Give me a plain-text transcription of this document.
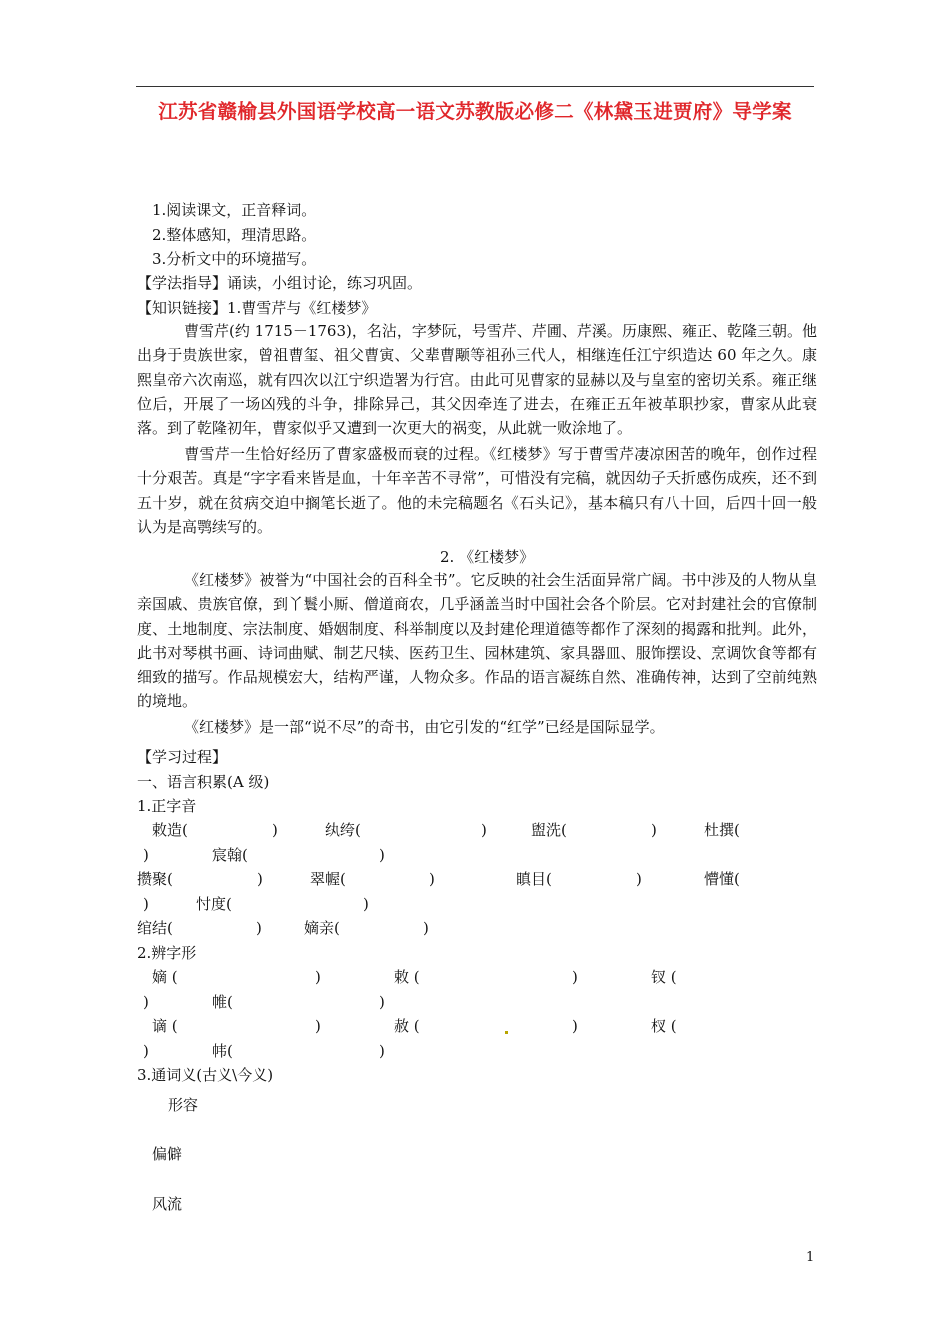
江苏省赣榆县外国语学校高一语文苏教版必修二《林黛玉进贾府》导学案
1.阅读课文，正音释词。
2.整体感知，理清思路。
3.分析文中的环境描写。
【学法指导】诵读，小组讨论，练习巩固。
【知识链接】1.曹雪芹与《红楼梦》
曹雪芹(约 1715－1763)，名沾，字梦阮，号雪芹、芹圃、芹溪。历康熙、雍正、乾隆三朝。他出身于贵族世家，曾祖曹玺、祖父曹寅、父辈曹颙等祖孙三代人，相继连任江宁织造达 60 年之久。康熙皇帝六次南巡，就有四次以江宁织造署为行宫。由此可见曹家的显赫以及与皇室的密切关系。雍正继位后，开展了一场凶残的斗争，排除异己，其父因牵连了进去，在雍正五年被革职抄家，曹家从此衰落。到了乾隆初年，曹家似乎又遭到一次更大的祸变，从此就一败涂地了。
曹雪芹一生恰好经历了曹家盛极而衰的过程。《红楼梦》写于曹雪芹凄凉困苦的晚年，创作过程十分艰苦。真是“字字看来皆是血，十年辛苦不寻常”，可惜没有完稿，就因幼子夭折感伤成疾，还不到五十岁，就在贫病交迫中搁笔长逝了。他的未完稿题名《石头记》，基本稿只有八十回，后四十回一般认为是高鹗续写的。
2. 《红楼梦》
《红楼梦》被誉为“中国社会的百科全书”。它反映的社会生活面异常广阔。书中涉及的人物从皇亲国戚、贵族官僚，到丫鬟小厮、僧道商农，几乎涵盖当时中国社会各个阶层。它对封建社会的官僚制度、土地制度、宗法制度、婚姻制度、科举制度以及封建伦理道德等都作了深刻的揭露和批判。此外，此书对琴棋书画、诗词曲赋、制艺尺犊、医药卫生、园林建筑、家具器皿、服饰摆设、烹调饮食等都有细致的描写。作品规模宏大，结构严谨，人物众多。作品的语言凝练自然、准确传神，达到了空前纯熟的境地。
《红楼梦》是一部“说不尽”的奇书，由它引发的“红学”已经是国际显学。
【学习过程】
一、语言积累(A 级)
1.正字音
敕造(	)	纨绔(	)	盥洗(	)	杜撰(
)	宸翰(	)
攒聚(	)	翠幄(	)	瞋目(	)	懵懂(
)	忖度(	)
绾结(	)	嫡亲(	)
2.辨字形
嫡 (	)	敕 (	)	钗 (
)	帷(	)
谪 (	)	赦 (	)	杈 (
)	帏(	)
3.通词义(古义\今义)
形容
偏僻
风流
1
